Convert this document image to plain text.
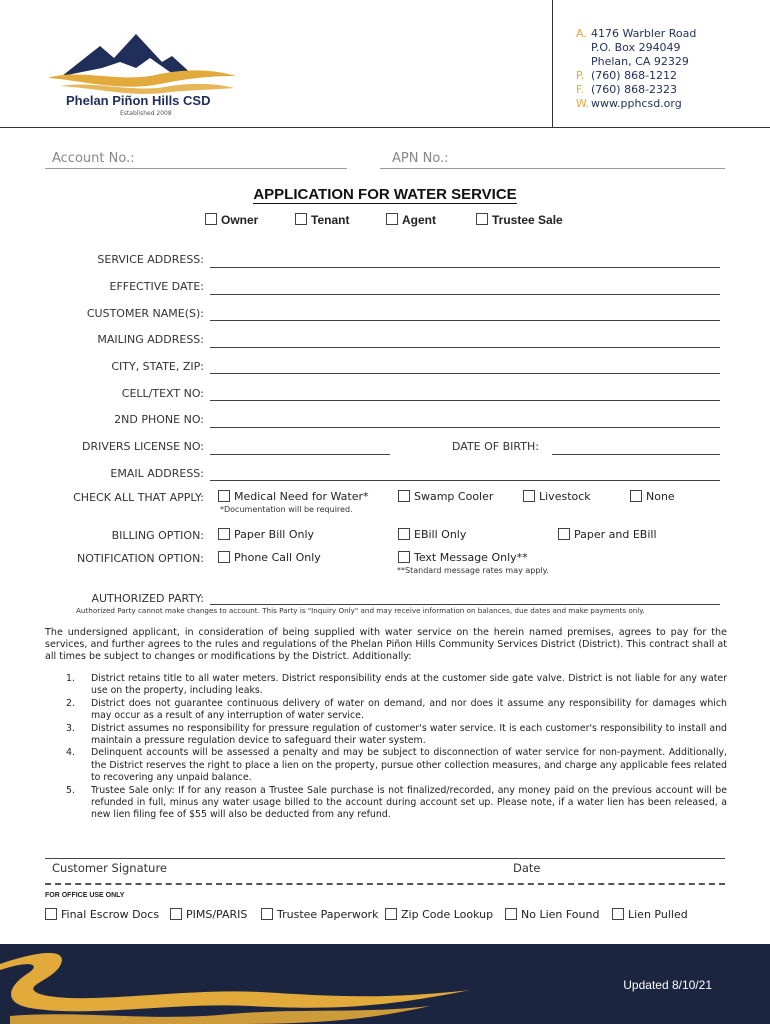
Phelan Piñon Hills CSD
Established 2008
A. 4176 Warbler Road
P.O. Box 294049
Phelan, CA 92329
P. (760) 868-1212
F. (760) 868-2323
W. www.pphcsd.org
Account No.:	APN No.:
APPLICATION FOR WATER SERVICE
Owner	Tenant	Agent	Trustee Sale
SERVICE ADDRESS:
EFFECTIVE DATE:
CUSTOMER NAME(S):
MAILING ADDRESS:
CITY, STATE, ZIP:
CELL/TEXT NO:
2ND PHONE NO:
DRIVERS LICENSE NO:	DATE OF BIRTH:
EMAIL ADDRESS:
CHECK ALL THAT APPLY:	Medical Need for Water*	Swamp Cooler	Livestock	None
*Documentation will be required.
BILLING OPTION:	Paper Bill Only	EBill Only	Paper and EBill
NOTIFICATION OPTION:	Phone Call Only	Text Message Only**
**Standard message rates may apply.
AUTHORIZED PARTY:
Authorized Party cannot make changes to account. This Party is "Inquiry Only" and may receive information on balances, due dates and make payments only.
The undersigned applicant, in consideration of being supplied with water service on the herein named premises, agrees to pay for the services, and further agrees to the rules and regulations of the Phelan Piñon Hills Community Services District (District). This contract shall at all times be subject to changes or modifications by the District. Additionally:
1. District retains title to all water meters. District responsibility ends at the customer side gate valve. District is not liable for any water use on the property, including leaks.
2. District does not guarantee continuous delivery of water on demand, and nor does it assume any responsibility for damages which may occur as a result of any interruption of water service.
3. District assumes no responsibility for pressure regulation of customer's water service. It is each customer's responsibility to install and maintain a pressure regulation device to safeguard their water system.
4. Delinquent accounts will be assessed a penalty and may be subject to disconnection of water service for non-payment. Additionally, the District reserves the right to place a lien on the property, pursue other collection measures, and charge any applicable fees related to recovering any unpaid balance.
5. Trustee Sale only: If for any reason a Trustee Sale purchase is not finalized/recorded, any money paid on the previous account will be refunded in full, minus any water usage billed to the account during account set up. Please note, if a water lien has been released, a new lien filing fee of $55 will also be deducted from any refund.
Customer Signature	Date
FOR OFFICE USE ONLY
Final Escrow Docs PIMS/PARIS	Trustee Paperwork Zip Code Lookup	No Lien Found	Lien Pulled
Updated 8/10/21
